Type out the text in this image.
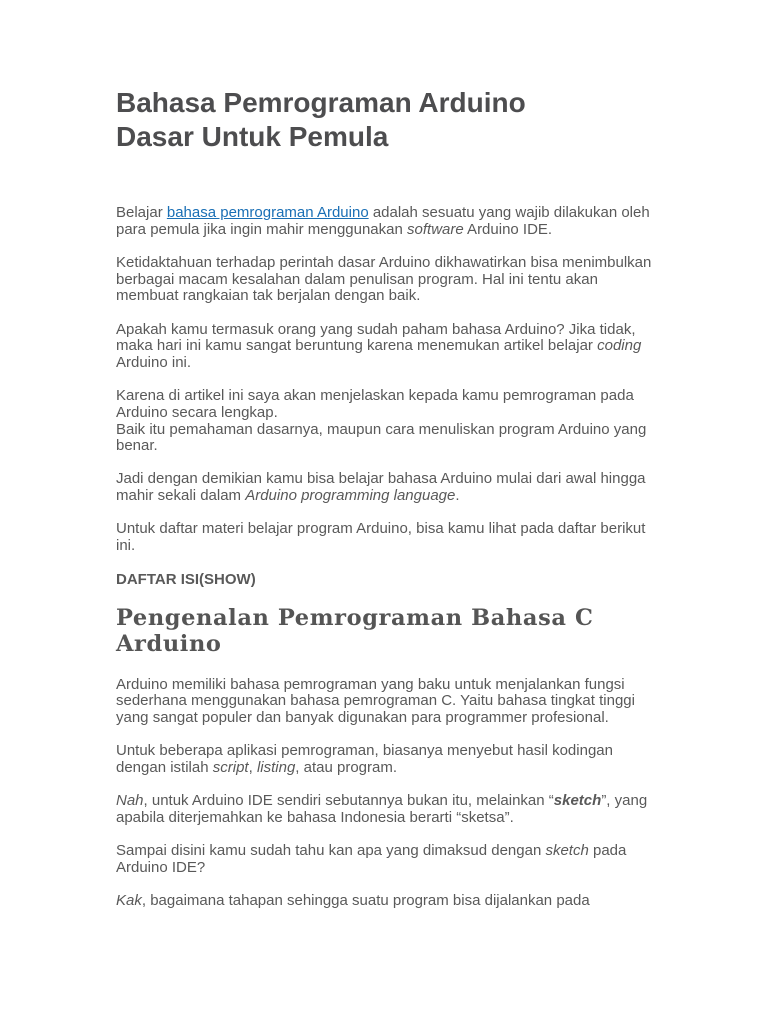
Bahasa Pemrograman Arduino
Dasar Untuk Pemula

Belajar bahasa pemrograman Arduino adalah sesuatu yang wajib dilakukan oleh para pemula jika ingin mahir menggunakan software Arduino IDE.

Ketidaktahuan terhadap perintah dasar Arduino dikhawatirkan bisa menimbulkan berbagai macam kesalahan dalam penulisan program. Hal ini tentu akan membuat rangkaian tak berjalan dengan baik.

Apakah kamu termasuk orang yang sudah paham bahasa Arduino? Jika tidak, maka hari ini kamu sangat beruntung karena menemukan artikel belajar coding Arduino ini.

Karena di artikel ini saya akan menjelaskan kepada kamu pemrograman pada Arduino secara lengkap.
Baik itu pemahaman dasarnya, maupun cara menuliskan program Arduino yang benar.

Jadi dengan demikian kamu bisa belajar bahasa Arduino mulai dari awal hingga mahir sekali dalam Arduino programming language.

Untuk daftar materi belajar program Arduino, bisa kamu lihat pada daftar berikut ini.

DAFTAR ISI(SHOW)
Pengenalan Pemrograman Bahasa C Arduino

Arduino memiliki bahasa pemrograman yang baku untuk menjalankan fungsi sederhana menggunakan bahasa pemrograman C. Yaitu bahasa tingkat tinggi yang sangat populer dan banyak digunakan para programmer profesional.

Untuk beberapa aplikasi pemrograman, biasanya menyebut hasil kodingan dengan istilah script, listing, atau program.

Nah, untuk Arduino IDE sendiri sebutannya bukan itu, melainkan “sketch”, yang apabila diterjemahkan ke bahasa Indonesia berarti “sketsa”.

Sampai disini kamu sudah tahu kan apa yang dimaksud dengan sketch pada Arduino IDE?

Kak, bagaimana tahapan sehingga suatu program bisa dijalankan pada
